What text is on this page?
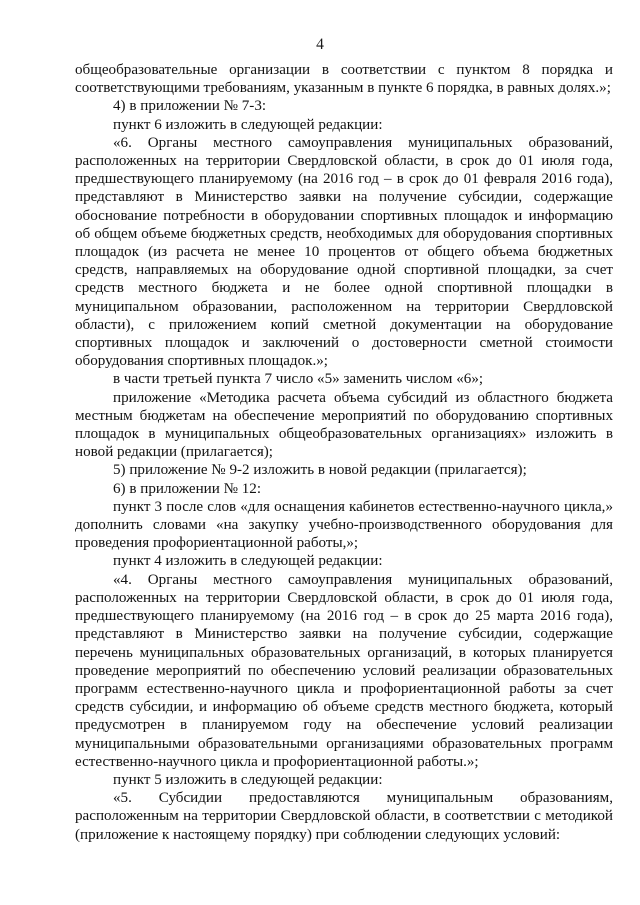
4

общеобразовательные организации в соответствии с пунктом 8 порядка и соответствующими требованиям, указанным в пункте 6 порядка, в равных долях.»;

4) в приложении № 7-3:

пункт 6 изложить в следующей редакции:

«6. Органы местного самоуправления муниципальных образований, расположенных на территории Свердловской области, в срок до 01 июля года, предшествующего планируемому (на 2016 год – в срок до 01 февраля 2016 года), представляют в Министерство заявки на получение субсидии, содержащие обоснование потребности в оборудовании спортивных площадок и информацию об общем объеме бюджетных средств, необходимых для оборудования спортивных площадок (из расчета не менее 10 процентов от общего объема бюджетных средств, направляемых на оборудование одной спортивной площадки, за счет средств местного бюджета и не более одной спортивной площадки в муниципальном образовании, расположенном на территории Свердловской области), с приложением копий сметной документации на оборудование спортивных площадок и заключений о достоверности сметной стоимости оборудования спортивных площадок.»;

в части третьей пункта 7 число «5» заменить числом «6»;

приложение «Методика расчета объема субсидий из областного бюджета местным бюджетам на обеспечение мероприятий по оборудованию спортивных площадок в муниципальных общеобразовательных организациях» изложить в новой редакции (прилагается);

5) приложение № 9-2 изложить в новой редакции (прилагается);

6) в приложении № 12:

пункт 3 после слов «для оснащения кабинетов естественно-научного цикла,» дополнить словами «на закупку учебно-производственного оборудования для проведения профориентационной работы,»;

пункт 4 изложить в следующей редакции:

«4. Органы местного самоуправления муниципальных образований, расположенных на территории Свердловской области, в срок до 01 июля года, предшествующего планируемому (на 2016 год – в срок до 25 марта 2016 года), представляют в Министерство заявки на получение субсидии, содержащие перечень муниципальных образовательных организаций, в которых планируется проведение мероприятий по обеспечению условий реализации образовательных программ естественно-научного цикла и профориентационной работы за счет средств субсидии, и информацию об объеме средств местного бюджета, который предусмотрен в планируемом году на обеспечение условий реализации муниципальными образовательными организациями образовательных программ естественно-научного цикла и профориентационной работы.»;

пункт 5 изложить в следующей редакции:

«5. Субсидии предоставляются муниципальным образованиям, расположенным на территории Свердловской области, в соответствии с методикой (приложение к настоящему порядку) при соблюдении следующих условий:
